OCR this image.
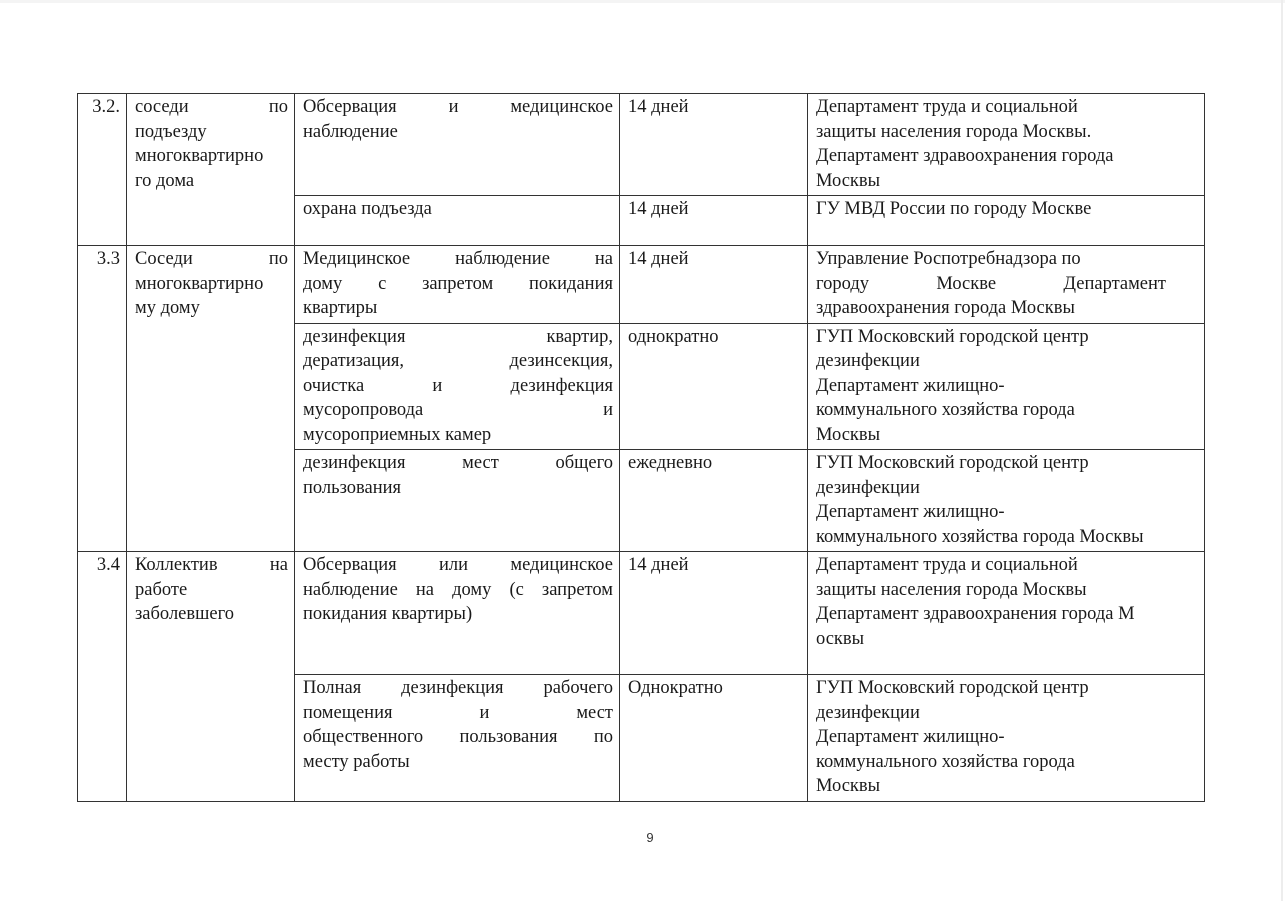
3.2.	соседи по
подъезду
многоквартирно
го дома	Обсервация и медицинское
наблюдение	14 дней	Департамент труда и социальной
защиты населения города Москвы.
Департамент здравоохранения города
Москвы

		охрана подъезда	14 дней	ГУ МВД России по городу Москве
3.3	Соседи по
многоквартирно
му дому	Медицинское наблюдение на
дому с запретом покидания
квартиры	14 дней	Управление Роспотребнадзора по
городу Москве Департамент
здравоохранения города Москвы

		дезинфекция квартир,
дератизация, дезинсекция,
очистка и дезинфекция
мусоропровода и
мусороприемных камер	однократно	ГУП Московский городской центр
дезинфекции
Департамент жилищно-
коммунального хозяйства города
Москвы

		дезинфекция мест общего
пользования	ежедневно	ГУП Московский городской центр
дезинфекции
Департамент жилищно-
коммунального хозяйства города Москвы

3.4	Коллектив на
работе
заболевшего	Обсервация или медицинское
наблюдение на дому (с запретом
покидания квартиры)	14 дней	Департамент труда и социальной
защиты населения города Москвы
Департамент здравоохранения города М
осквы

		Полная дезинфекция рабочего
помещения и мест
общественного пользования по
месту работы	Однократно	ГУП Московский городской центр
дезинфекции
Департамент жилищно-
коммунального хозяйства города
Москвы
9
